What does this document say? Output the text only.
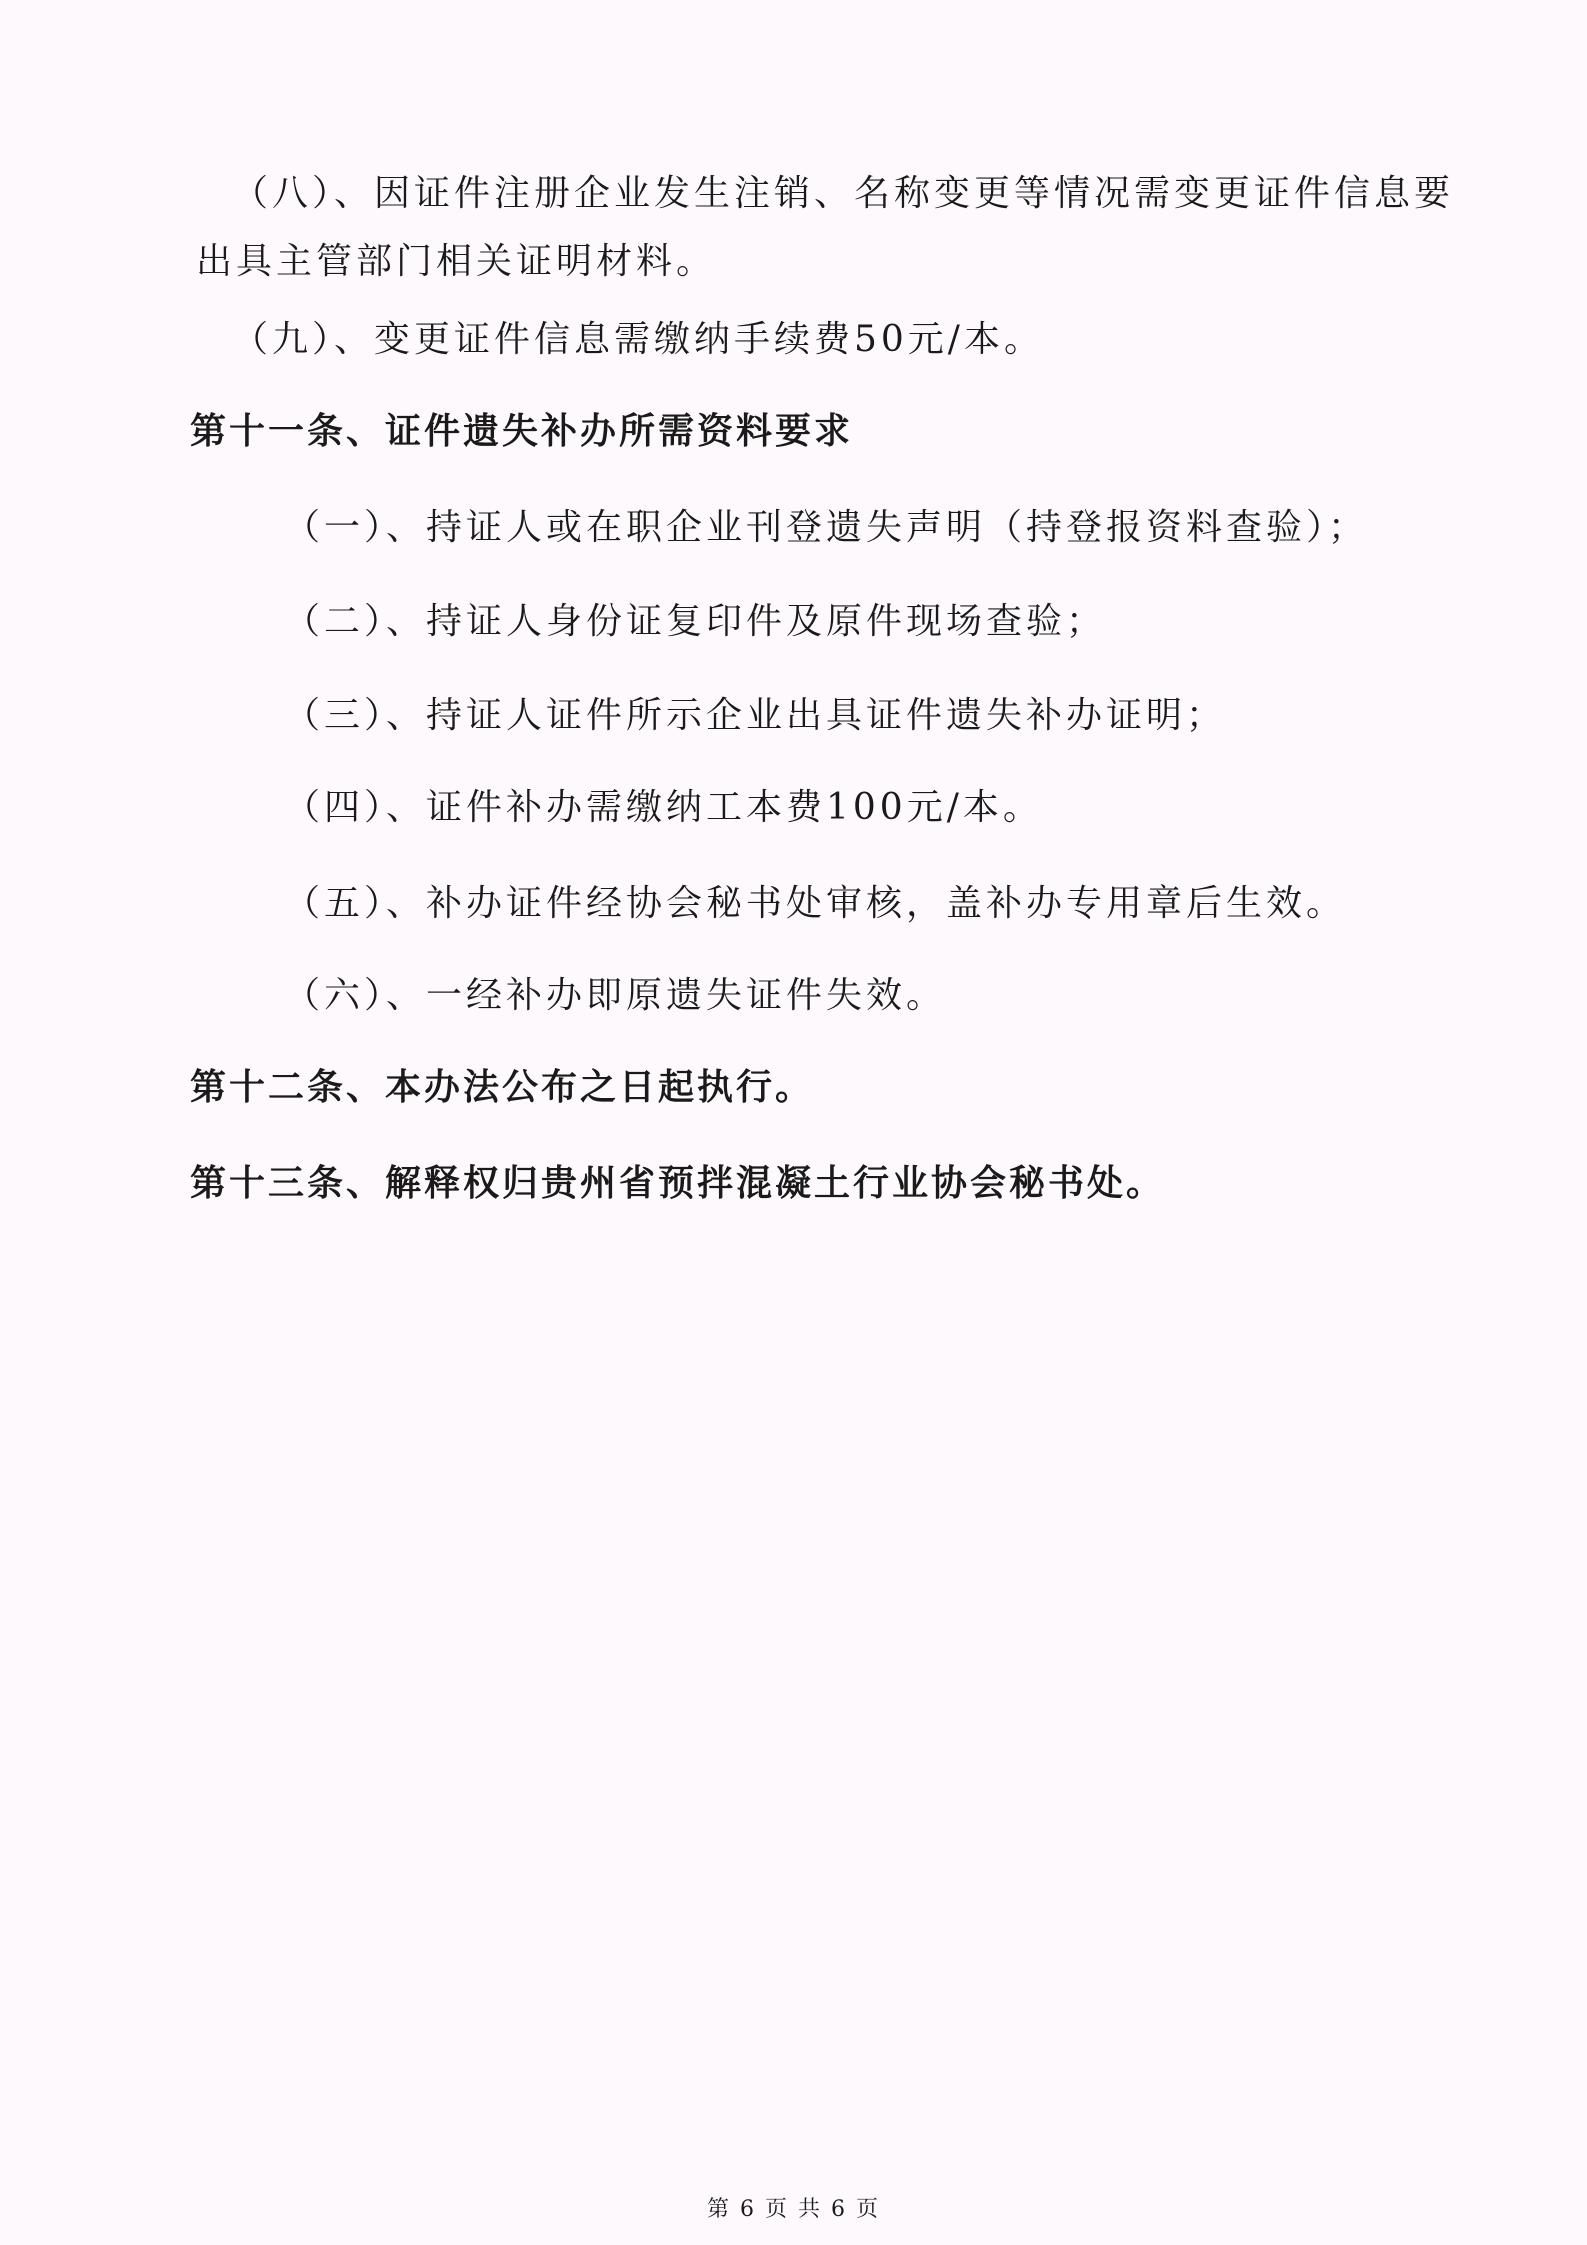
（八）、因证件注册企业发生注销、名称变更等情况需变更证件信息要
出具主管部门相关证明材料。
（九）、变更证件信息需缴纳手续费50元/本。
第十一条、证件遗失补办所需资料要求
（一）、持证人或在职企业刊登遗失声明（持登报资料查验）；
（二）、持证人身份证复印件及原件现场查验；
（三）、持证人证件所示企业出具证件遗失补办证明；
（四）、证件补办需缴纳工本费100元/本。
（五）、补办证件经协会秘书处审核，盖补办专用章后生效。
（六）、一经补办即原遗失证件失效。
第十二条、本办法公布之日起执行。
第十三条、解释权归贵州省预拌混凝土行业协会秘书处。
第 6 页 共 6 页
